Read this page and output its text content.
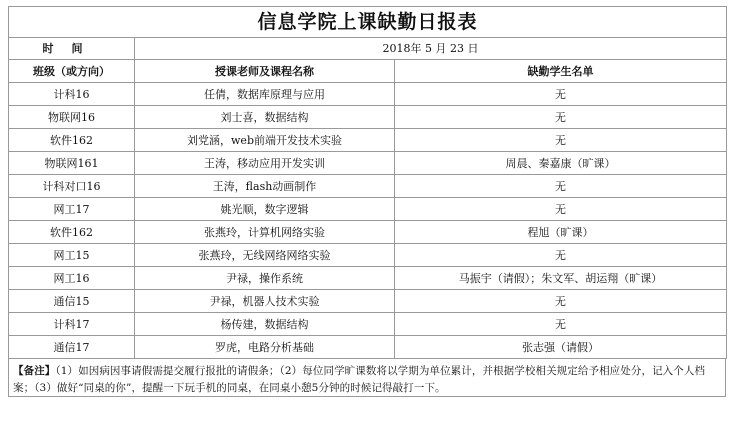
信息学院上课缺勤日报表		
时间	2018年 5 月 23 日	
班级（或方向）	授课老师及课程名称	缺勤学生名单
计科16	任倩，数据库原理与应用	无
物联网16	刘士喜，数据结构	无
软件162	刘党涵，web前端开发技术实验	无
物联网161	王涛，移动应用开发实训	周晨、秦嘉康（旷课）
计科对口16	王涛，flash动画制作	无
网工17	姚光顺，数字逻辑	无
软件162	张燕玲，计算机网络实验	程旭（旷课）
网工15	张燕玲，无线网络网络实验	无
网工16	尹禄，操作系统	马振宇（请假）；朱文军、胡运翔（旷课）
通信15	尹禄，机器人技术实验	无
计科17	杨传建，数据结构	无
通信17	罗虎，电路分析基础	张志强（请假）
【备注】（1）如因病因事请假需提交履行报批的请假条；（2）每位同学旷课数将以学期为单位累计，并根据学校相关规定给予相应处分，记入个人档案；（3）做好“同桌的你”，提醒一下玩手机的同桌，在同桌小憩5分钟的时候记得敲打一下。
